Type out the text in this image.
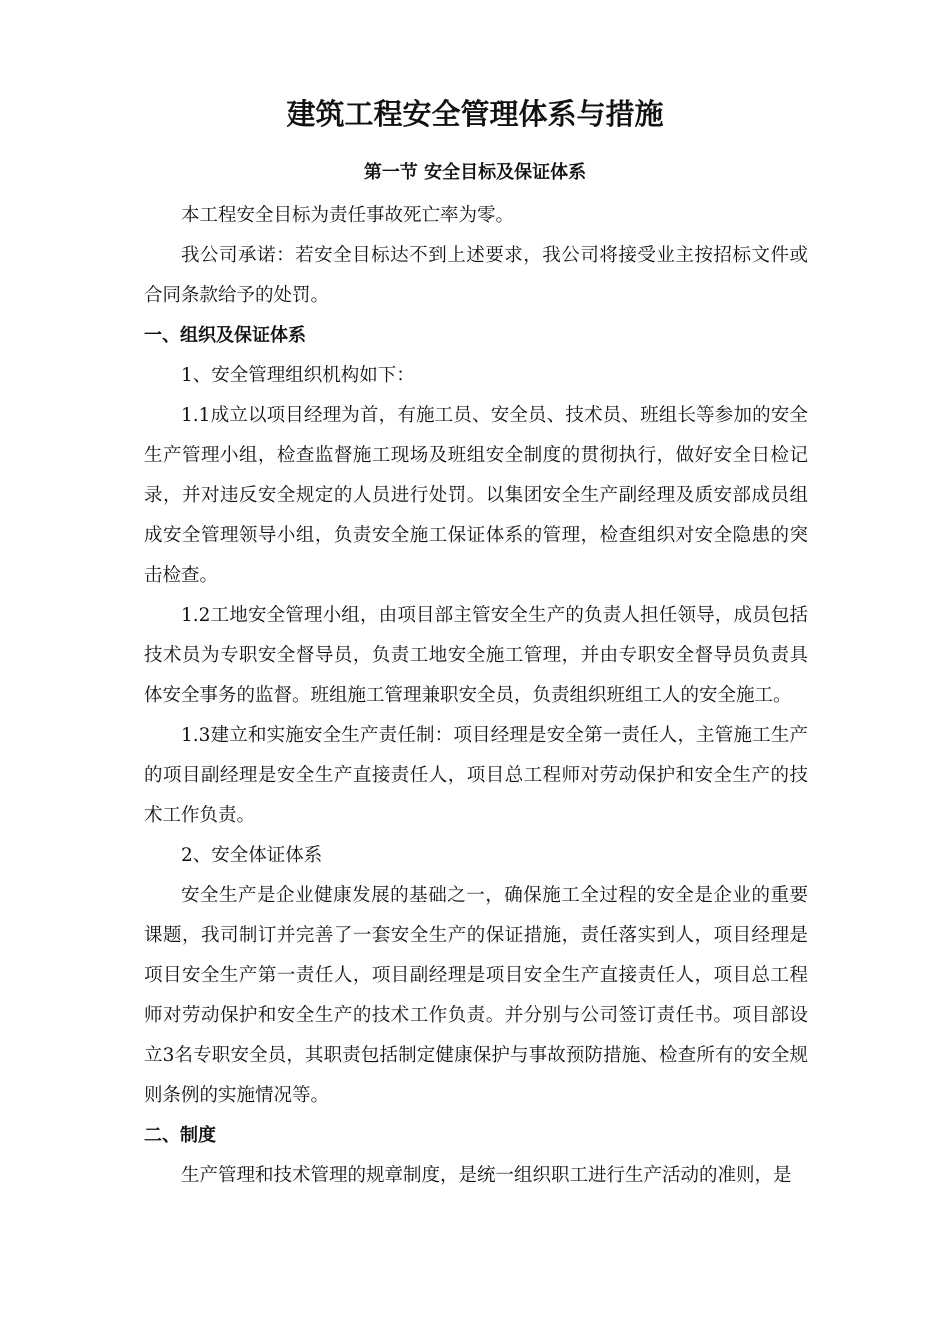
建筑工程安全管理体系与措施
第一节 安全目标及保证体系

本工程安全目标为责任事故死亡率为零。

我公司承诺：若安全目标达不到上述要求，我公司将接受业主按招标文件或合同条款给予的处罚。

一、组织及保证体系

1、安全管理组织机构如下：

1.1成立以项目经理为首，有施工员、安全员、技术员、班组长等参加的安全生产管理小组，检查监督施工现场及班组安全制度的贯彻执行，做好安全日检记录，并对违反安全规定的人员进行处罚。以集团安全生产副经理及质安部成员组成安全管理领导小组，负责安全施工保证体系的管理，检查组织对安全隐患的突击检查。

1.2工地安全管理小组，由项目部主管安全生产的负责人担任领导，成员包括技术员为专职安全督导员，负责工地安全施工管理，并由专职安全督导员负责具体安全事务的监督。班组施工管理兼职安全员，负责组织班组工人的安全施工。

1.3建立和实施安全生产责任制：项目经理是安全第一责任人，主管施工生产的项目副经理是安全生产直接责任人，项目总工程师对劳动保护和安全生产的技术工作负责。

2、安全体证体系

安全生产是企业健康发展的基础之一，确保施工全过程的安全是企业的重要课题，我司制订并完善了一套安全生产的保证措施，责任落实到人，项目经理是项目安全生产第一责任人，项目副经理是项目安全生产直接责任人，项目总工程师对劳动保护和安全生产的技术工作负责。并分别与公司签订责任书。项目部设立3名专职安全员，其职责包括制定健康保护与事故预防措施、检查所有的安全规则条例的实施情况等。

二、制度

生产管理和技术管理的规章制度，是统一组织职工进行生产活动的准则，是
